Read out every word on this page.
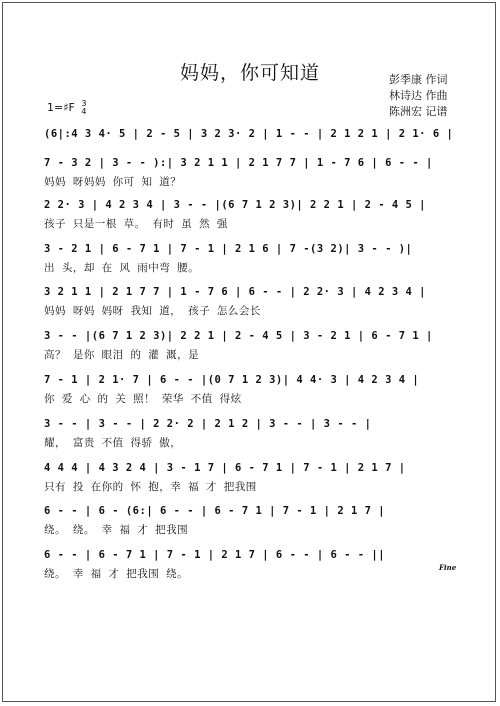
妈妈，你可知道	彭季康 作词
林诗达 作曲
陈洲宏 记谱
1=♯F 3
4
(6|:4 3 4· 5 | 2 - 5 | 3 2 3· 2 | 1 - - | 2 1 2 1 | 2 1· 6 |
7 - 3 2 | 3 - - ):| 3 2 1 1 | 2 1 7 7 | 1 - 7 6 | 6 - - |
妈妈 呀妈妈 你可 知 道？
2 2· 3 | 4 2 3 4 | 3 - - |(6 7 1 2 3)| 2 2 1 | 2 - 4 5 |
孩子 只是一根 草。 有时 虽 然 强
3 - 2 1 | 6 - 7 1 | 7 - 1 | 2 1 6 | 7 -(3 2)| 3 - - )|
出 头，却 在 风 雨中弯 腰。
3 2 1 1 | 2 1 7 7 | 1 - 7 6 | 6 - - | 2 2· 3 | 4 2 3 4 |
妈妈 呀妈 妈呀 我知 道， 孩子 怎么会长
3 - - |(6 7 1 2 3)| 2 2 1 | 2 - 4 5 | 3 - 2 1 | 6 - 7 1 |
高？ 是你 眼泪 的 灌 溉，是
7 - 1 | 2 1· 7 | 6 - - |(0 7 1 2 3)| 4 4· 3 | 4 2 3 4 |
你 爱 心 的 关 照！ 荣华 不值 得炫
3 - - | 3 - - | 2 2· 2 | 2 1 2 | 3 - - | 3 - - |
耀， 富贵 不值 得骄 傲，
4 4 4 | 4 3 2 4 | 3 - 1 7 | 6 - 7 1 | 7 - 1 | 2 1 7 |
只有 投 在你的 怀 抱，幸 福 才 把我围
6 - - | 6 - (6:| 6 - - | 6 - 7 1 | 7 - 1 | 2 1 7 |
绕。 绕。 幸 福 才 把我围
6 - - | 6 - 7 1 | 7 - 1 | 2 1 7 | 6 - - | 6 - - ||
绕。 幸 福 才 把我围 绕。
Fine
